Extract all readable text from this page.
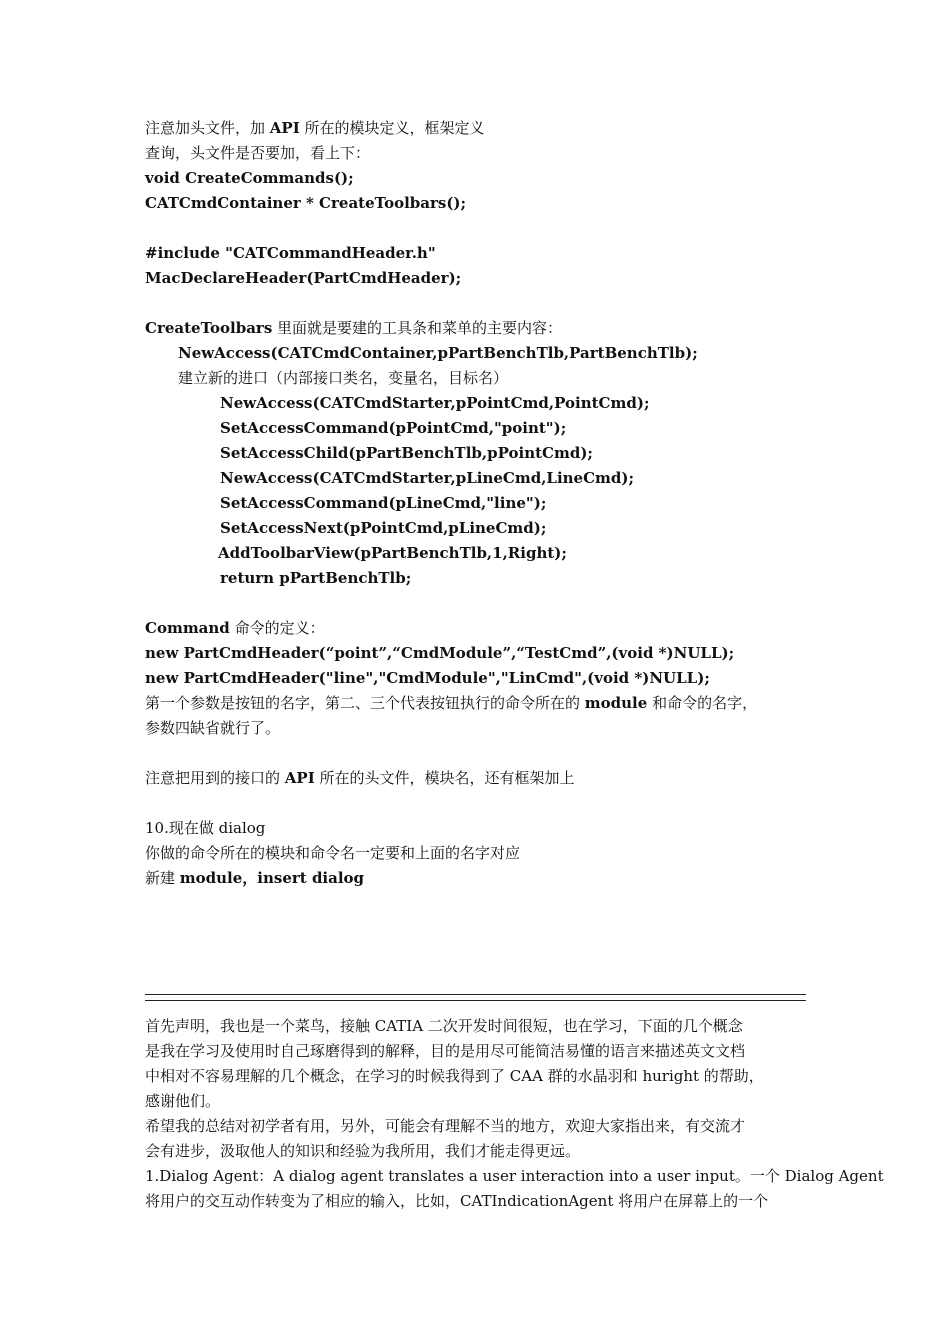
注意加头文件，加 API 所在的模块定义，框架定义
查询，头文件是否要加，看上下：
void CreateCommands();
CATCmdContainer * CreateToolbars();
#include "CATCommandHeader.h"
MacDeclareHeader(PartCmdHeader);
CreateToolbars 里面就是要建的工具条和菜单的主要内容：
NewAccess(CATCmdContainer,pPartBenchTlb,PartBenchTlb);
建立新的进口（内部接口类名，变量名，目标名）
NewAccess(CATCmdStarter,pPointCmd,PointCmd);
SetAccessCommand(pPointCmd,"point");
SetAccessChild(pPartBenchTlb,pPointCmd);
NewAccess(CATCmdStarter,pLineCmd,LineCmd);
SetAccessCommand(pLineCmd,"line");
SetAccessNext(pPointCmd,pLineCmd);
AddToolbarView(pPartBenchTlb,1,Right);
return pPartBenchTlb;
Command 命令的定义：
new PartCmdHeader(“point”,“CmdModule”,“TestCmd”,(void *)NULL);
new PartCmdHeader("line","CmdModule","LinCmd",(void *)NULL);
第一个参数是按钮的名字，第二、三个代表按钮执行的命令所在的 module 和命令的名字，
参数四缺省就行了。
注意把用到的接口的 API 所在的头文件，模块名，还有框架加上
10.现在做 dialog
你做的命令所在的模块和命令名一定要和上面的名字对应
新建 module，insert dialog
首先声明，我也是一个菜鸟，接触 CATIA 二次开发时间很短，也在学习，下面的几个概念
是我在学习及使用时自己琢磨得到的解释，目的是用尽可能简洁易懂的语言来描述英文文档
中相对不容易理解的几个概念，在学习的时候我得到了 CAA 群的水晶羽和 huright 的帮助，
感谢他们。
希望我的总结对初学者有用，另外，可能会有理解不当的地方，欢迎大家指出来，有交流才
会有进步，汲取他人的知识和经验为我所用，我们才能走得更远。
1.Dialog Agent：A dialog agent translates a user interaction into a user input。一个 Dialog Agent
将用户的交互动作转变为了相应的输入，比如，CATIndicationAgent 将用户在屏幕上的一个
